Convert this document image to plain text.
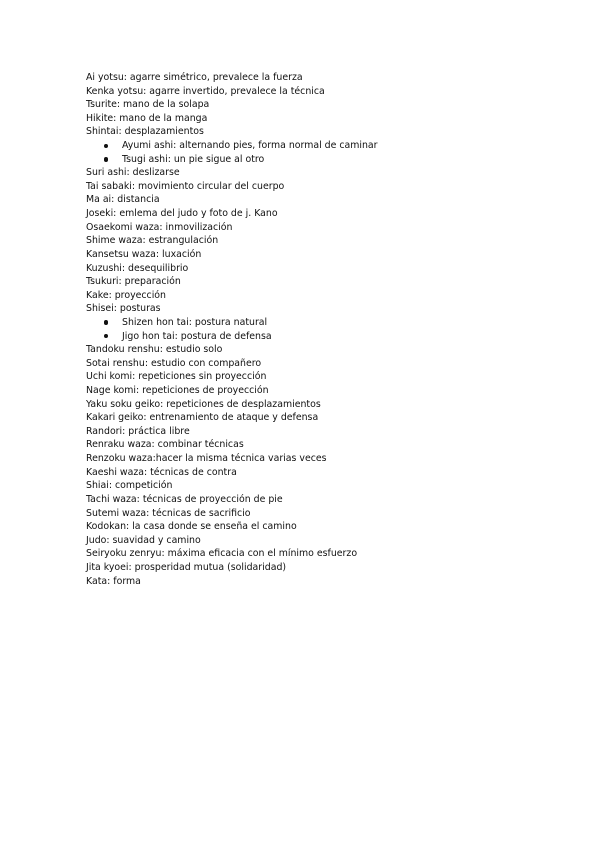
Ai yotsu: agarre simétrico, prevalece la fuerza
Kenka yotsu: agarre invertido, prevalece la técnica
Tsurite: mano de la solapa
Hikite: mano de la manga
Shintai: desplazamientos
Ayumi ashi: alternando pies, forma normal de caminar
Tsugi ashi: un pie sigue al otro
Suri ashi: deslizarse
Tai sabaki: movimiento circular del cuerpo
Ma ai: distancia
Joseki: emlema del judo y foto de j. Kano
Osaekomi waza: inmovilización
Shime waza: estrangulación
Kansetsu waza: luxación
Kuzushi: desequilibrio
Tsukuri: preparación
Kake: proyección
Shisei: posturas
Shizen hon tai: postura natural
Jigo hon tai: postura de defensa
Tandoku renshu: estudio solo
Sotai renshu: estudio con compañero
Uchi komi: repeticiones sin proyección
Nage komi: repeticiones de proyección
Yaku soku geiko: repeticiones de desplazamientos
Kakari geiko: entrenamiento de ataque y defensa
Randori: práctica libre
Renraku waza: combinar técnicas
Renzoku waza:hacer la misma técnica varias veces
Kaeshi waza: técnicas de contra
Shiai: competición
Tachi waza: técnicas de proyección de pie
Sutemi waza: técnicas de sacrificio
Kodokan: la casa donde se enseña el camino
Judo: suavidad y camino
Seiryoku zenryu: máxima eficacia con el mínimo esfuerzo
Jita kyoei: prosperidad mutua (solidaridad)
Kata: forma
